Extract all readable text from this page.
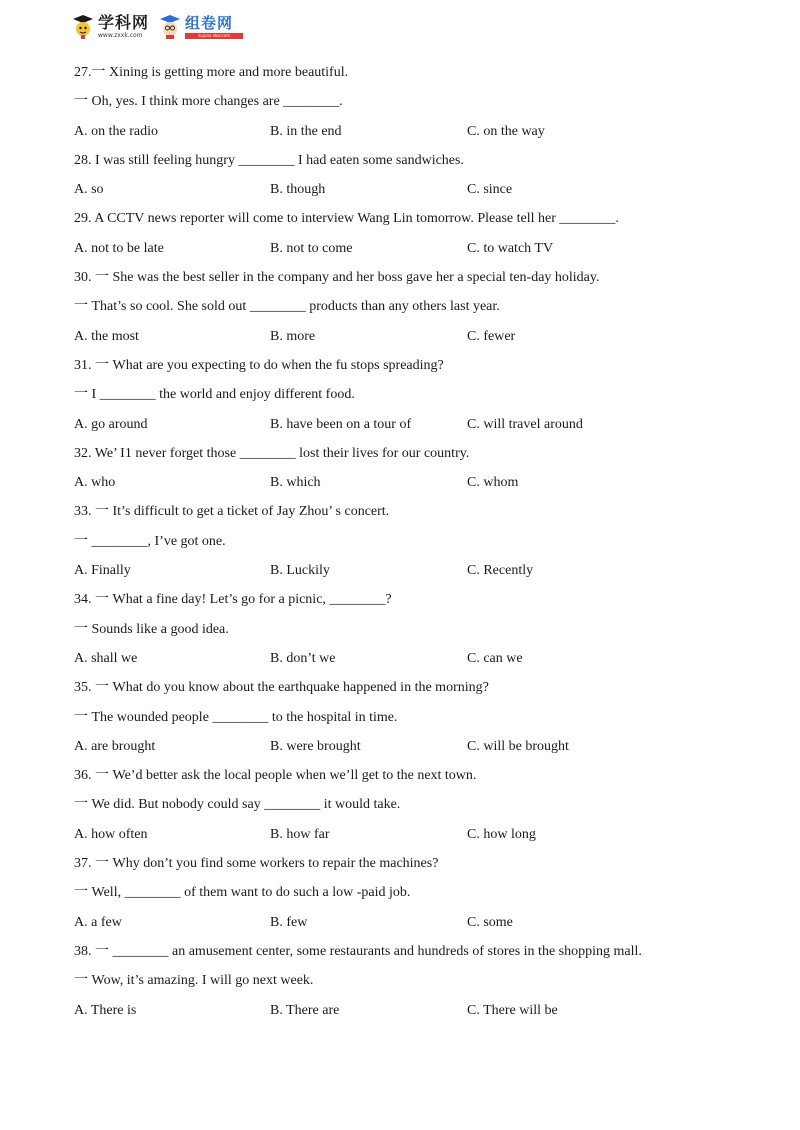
学科网
www.zxxk.com
组卷网
zujuan.xkw.com
27.一 Xining is getting more and more beautiful.
一 Oh, yes. I think more changes are ________.
A. on the radio	B. in the end	C. on the way
28. I was still feeling hungry ________ I had eaten some sandwiches.
A. so	B. though	C. since
29. A CCTV news reporter will come to interview Wang Lin tomorrow. Please tell her ________.
A. not to be late	B. not to come	C. to watch TV
30. 一 She was the best seller in the company and her boss gave her a special ten-day holiday.
一 That’s so cool. She sold out ________ products than any others last year.
A. the most	B. more	C. fewer
31. 一 What are you expecting to do when the fu stops spreading?
一 I ________ the world and enjoy different food.
A. go around	B. have been on a tour of	C. will travel around
32. We’ I1 never forget those ________ lost their lives for our country.
A. who	B. which	C. whom
33. 一 It’s difficult to get a ticket of Jay Zhou’ s concert.
一 ________, I’ve got one.
A. Finally	B. Luckily	C. Recently
34. 一 What a fine day! Let’s go for a picnic, ________?
一 Sounds like a good idea.
A. shall we	B. don’t we	C. can we
35. 一 What do you know about the earthquake happened in the morning?
一 The wounded people ________ to the hospital in time.
A. are brought	B. were brought	C. will be brought
36. 一 We’d better ask the local people when we’ll get to the next town.
一 We did. But nobody could say ________ it would take.
A. how often	B. how far	C. how long
37. 一 Why don’t you find some workers to repair the machines?
一 Well, ________ of them want to do such a low -paid job.
A. a few	B. few	C. some
38. 一 ________ an amusement center, some restaurants and hundreds of stores in the shopping mall.
一 Wow, it’s amazing. I will go next week.
A. There is	B. There are	C. There will be
